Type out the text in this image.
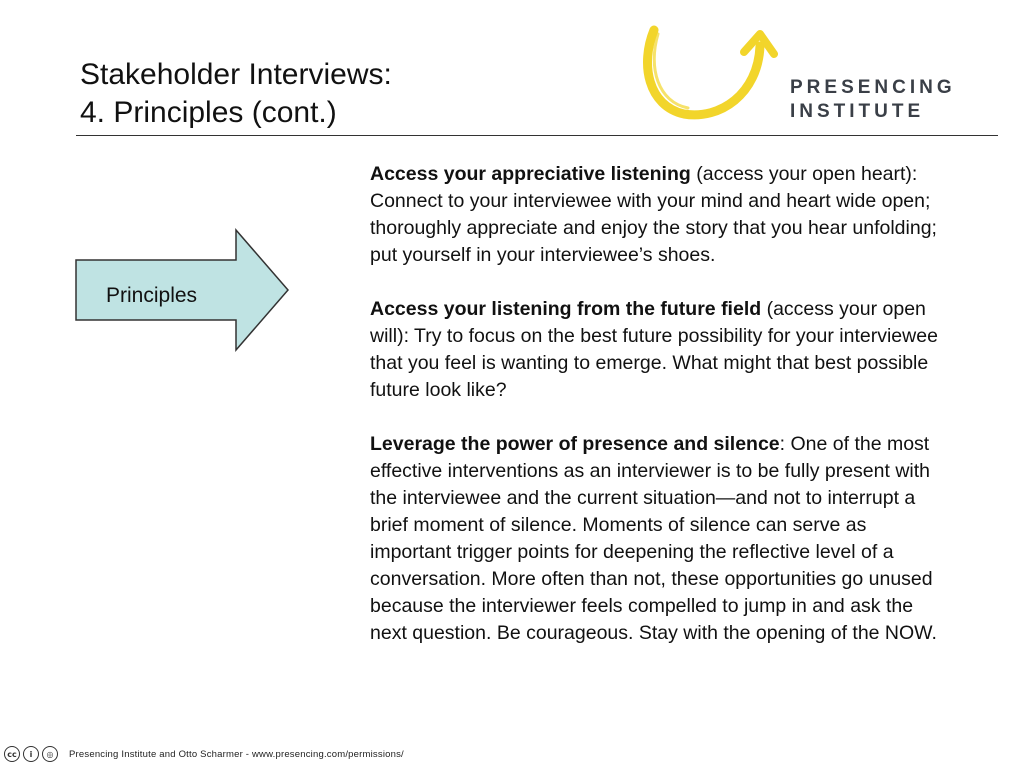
Stakeholder Interviews:
4. Principles (cont.)
PRESENCING
INSTITUTE
Principles

Access your appreciative listening (access your open heart): Connect to your interviewee with your mind and heart wide open; thoroughly appreciate and enjoy the story that you hear unfolding; put yourself in your interviewee’s shoes.

Access your listening from the future field (access your open will): Try to focus on the best future possibility for your interviewee that you feel is wanting to emerge. What might that best possible future look like?

Leverage the power of presence and silence: One of the most effective interventions as an interviewer is to be fully present with the interviewee and the current situation—and not to interrupt a brief moment of silence. Moments of silence can serve as important trigger points for deepening the reflective level of a conversation. More often than not, these opportunities go unused because the interviewer feels compelled to jump in and ask the next question. Be courageous. Stay with the opening of the NOW.

cc	i	◎	Presencing Institute and Otto Scharmer - www.presencing.com/permissions/
